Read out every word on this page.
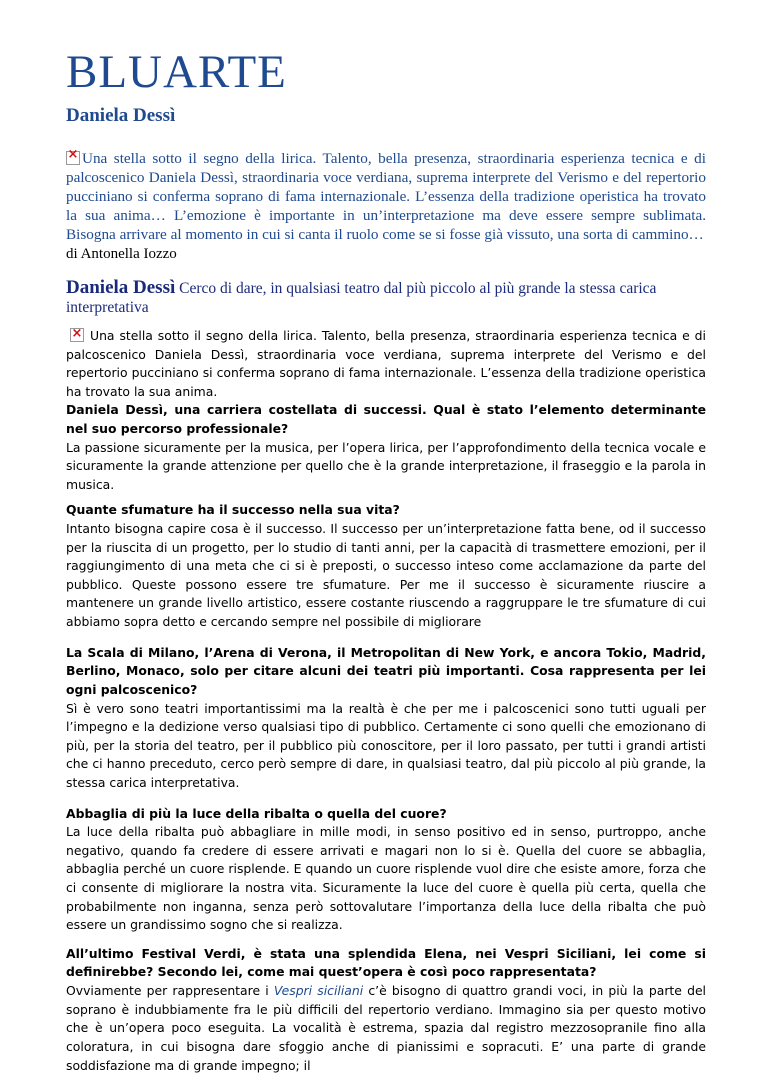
BLUARTE
Daniela Dessì
×Una stella sotto il segno della lirica. Talento, bella presenza, straordinaria esperienza tecnica e di palcoscenico Daniela Dessì, straordinaria voce verdiana, suprema interprete del Verismo e del repertorio pucciniano si conferma soprano di fama internazionale. L’essenza della tradizione operistica ha trovato la sua anima… L’emozione è importante in un’interpretazione ma deve essere sempre sublimata. Bisogna arrivare al momento in cui si canta il ruolo come se si fosse già vissuto, una sorta di cammino…
di Antonella Iozzo
Daniela Dessì Cerco di dare, in qualsiasi teatro dal più piccolo al più grande la stessa carica interpretativa

×Una stella sotto il segno della lirica. Talento, bella presenza, straordinaria esperienza tecnica e di palcoscenico Daniela Dessì, straordinaria voce verdiana, suprema interprete del Verismo e del repertorio pucciniano si conferma soprano di fama internazionale. L’essenza della tradizione operistica ha trovato la sua anima.

Daniela Dessì, una carriera costellata di successi. Qual è stato l’elemento determinante nel suo percorso professionale?

La passione sicuramente per la musica, per l’opera lirica, per l’approfondimento della tecnica vocale e sicuramente la grande attenzione per quello che è la grande interpretazione, il fraseggio e la parola in musica.

Quante sfumature ha il successo nella sua vita?

Intanto bisogna capire cosa è il successo. Il successo per un’interpretazione fatta bene, od il successo per la riuscita di un progetto, per lo studio di tanti anni, per la capacità di trasmettere emozioni, per il raggiungimento di una meta che ci si è preposti, o successo inteso come acclamazione da parte del pubblico. Queste possono essere tre sfumature. Per me il successo è sicuramente riuscire a mantenere un grande livello artistico, essere costante riuscendo a raggruppare le tre sfumature di cui abbiamo sopra detto e cercando sempre nel possibile di migliorare

La Scala di Milano, l’Arena di Verona, il Metropolitan di New York, e ancora Tokio, Madrid, Berlino, Monaco, solo per citare alcuni dei teatri più importanti. Cosa rappresenta per lei ogni palcoscenico?

Sì è vero sono teatri importantissimi ma la realtà è che per me i palcoscenici sono tutti uguali per l’impegno e la dedizione verso qualsiasi tipo di pubblico. Certamente ci sono quelli che emozionano di più, per la storia del teatro, per il pubblico più conoscitore, per il loro passato, per tutti i grandi artisti che ci hanno preceduto, cerco però sempre di dare, in qualsiasi teatro, dal più piccolo al più grande, la stessa carica interpretativa.

Abbaglia di più la luce della ribalta o quella del cuore?

La luce della ribalta può abbagliare in mille modi, in senso positivo ed in senso, purtroppo, anche negativo, quando fa credere di essere arrivati e magari non lo si è. Quella del cuore se abbaglia, abbaglia perché un cuore risplende. E quando un cuore risplende vuol dire che esiste amore, forza che ci consente di migliorare la nostra vita. Sicuramente la luce del cuore è quella più certa, quella che probabilmente non inganna, senza però sottovalutare l’importanza della luce della ribalta che può essere un grandissimo sogno che si realizza.

All’ultimo Festival Verdi, è stata una splendida Elena, nei Vespri Siciliani, lei come si definirebbe? Secondo lei, come mai quest’opera è così poco rappresentata?

Ovviamente per rappresentare i Vespri siciliani c’è bisogno di quattro grandi voci, in più la parte del soprano è indubbiamente fra le più difficili del repertorio verdiano. Immagino sia per questo motivo che è un’opera poco eseguita. La vocalità è estrema, spazia dal registro mezzosopranile fino alla coloratura, in cui bisogna dare sfoggio anche di pianissimi e sopracuti. E’ una parte di grande soddisfazione ma di grande impegno; il
